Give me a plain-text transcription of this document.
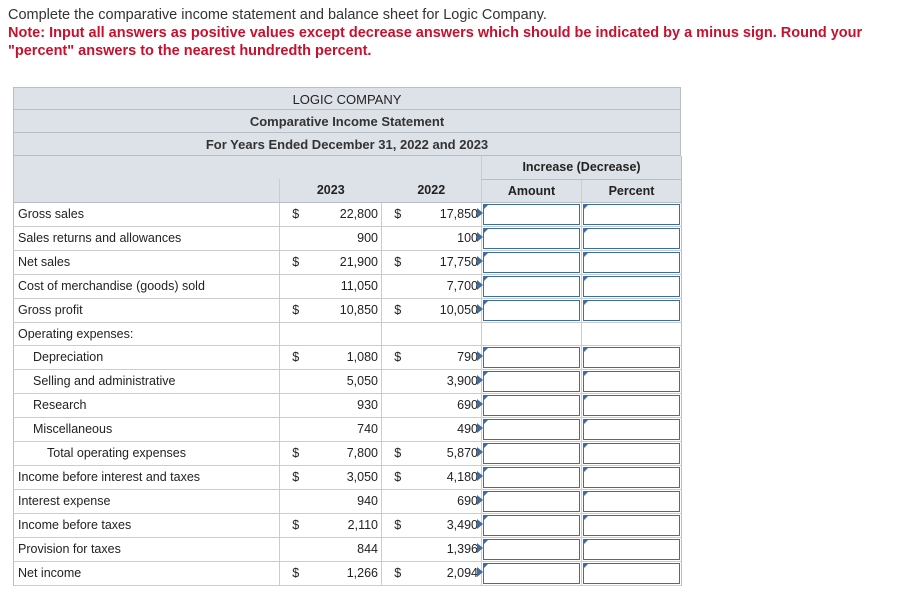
Complete the comparative income statement and balance sheet for Logic Company.
Note: Input all answers as positive values except decrease answers which should be indicated by a minus sign. Round your "percent" answers to the nearest hundredth percent.
LOGIC COMPANY
Comparative Income Statement
For Years Ended December 31, 2022 and 2023
					Increase (Decrease)	
	2023		2022		Amount	Percent
Gross sales	$	22,800	$	17,850	

Sales returns and allowances		900		100	

Net sales	$	21,900	$	17,750	

Cost of merchandise (goods) sold		11,050		7,700	

Gross profit	$	10,850	$	10,050	

Operating expenses:						
Depreciation	$	1,080	$	790	

Selling and administrative		5,050		3,900	

Research		930		690	

Miscellaneous		740		490	

Total operating expenses	$	7,800	$	5,870	

Income before interest and taxes	$	3,050	$	4,180	

Interest expense		940		690	

Income before taxes	$	2,110	$	3,490	

Provision for taxes		844		1,396	

Net income	$	1,266	$	2,094	
